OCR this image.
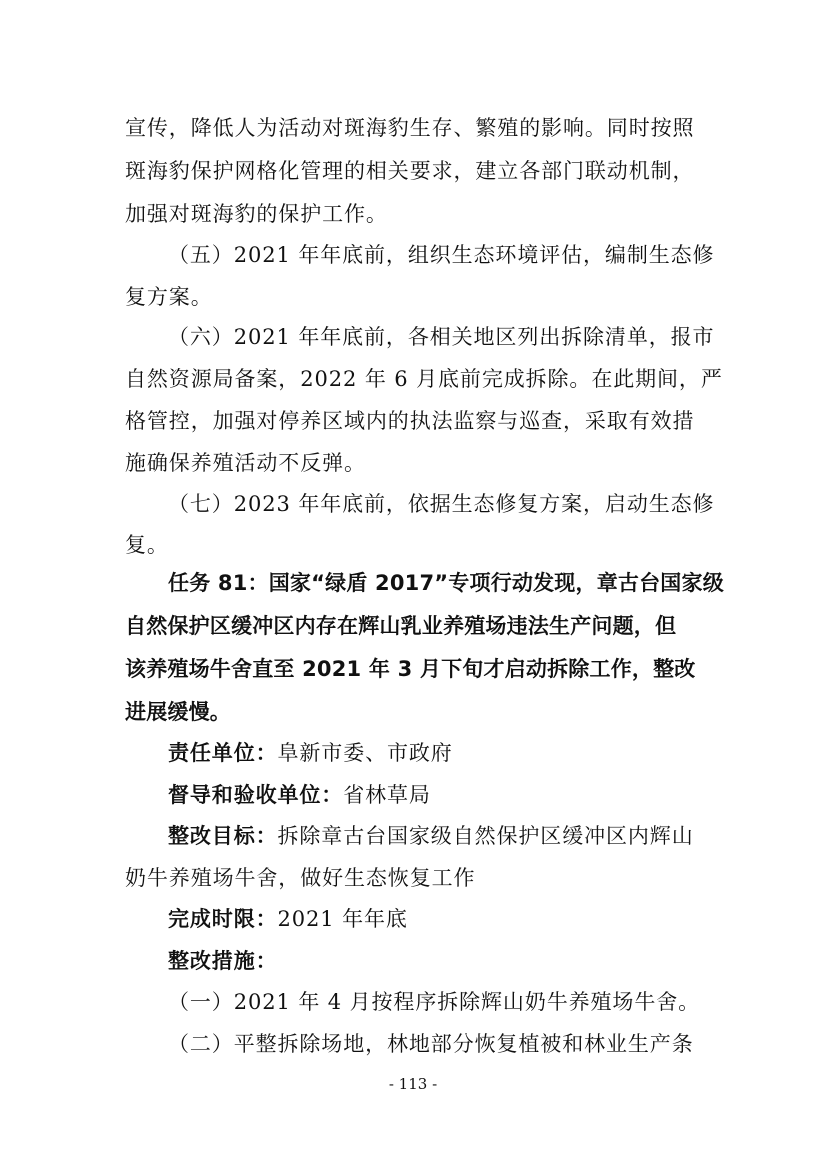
宣传，降低人为活动对斑海豹生存、繁殖的影响。同时按照
斑海豹保护网格化管理的相关要求，建立各部门联动机制，
加强对斑海豹的保护工作。
（五）2021 年年底前，组织生态环境评估，编制生态修
复方案。
（六）2021 年年底前，各相关地区列出拆除清单，报市
自然资源局备案，2022 年 6 月底前完成拆除。在此期间，严
格管控，加强对停养区域内的执法监察与巡查，采取有效措
施确保养殖活动不反弹。
（七）2023 年年底前，依据生态修复方案，启动生态修
复。
任务 81：国家“绿盾 2017”专项行动发现，章古台国家级
自然保护区缓冲区内存在辉山乳业养殖场违法生产问题，但
该养殖场牛舍直至 2021 年 3 月下旬才启动拆除工作，整改
进展缓慢。
责任单位：阜新市委、市政府
督导和验收单位：省林草局
整改目标：拆除章古台国家级自然保护区缓冲区内辉山
奶牛养殖场牛舍，做好生态恢复工作
完成时限：2021 年年底
整改措施：
（一）2021 年 4 月按程序拆除辉山奶牛养殖场牛舍。
（二）平整拆除场地，林地部分恢复植被和林业生产条
- 113 -
